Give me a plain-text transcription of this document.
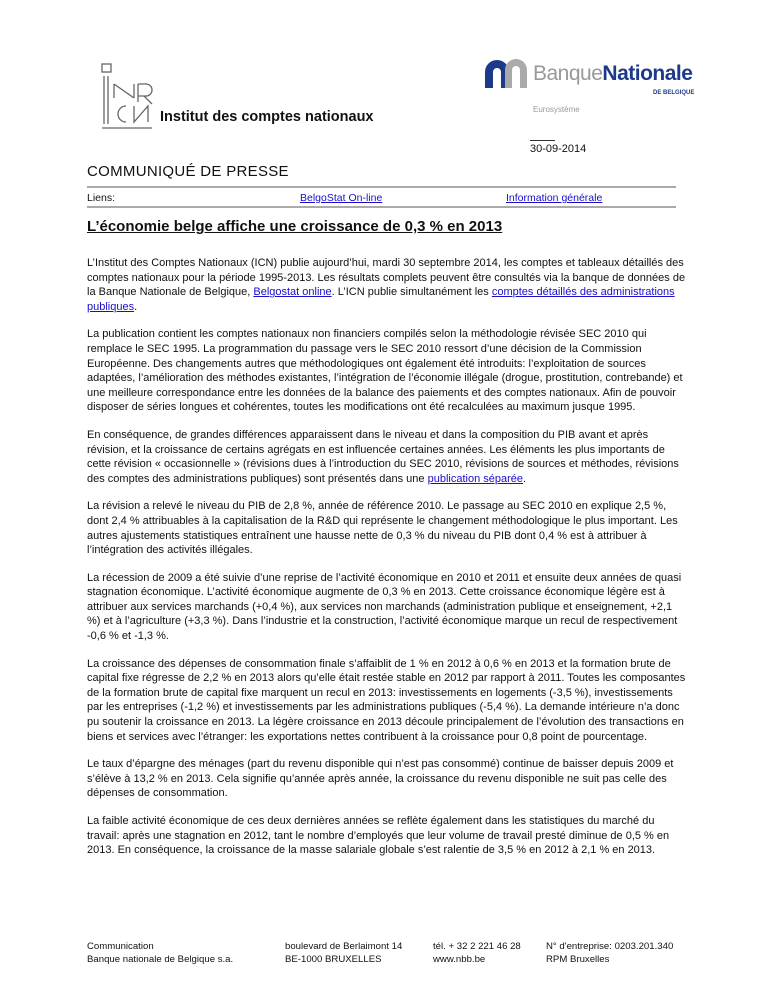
Institut des comptes nationaux
BanqueNationale
DE BELGIQUE
Eurosystème
30-09-2014
COMMUNIQUÉ DE PRESSE
Liens:	BelgoStat On-line	Information générale
L’économie belge affiche une croissance de 0,3 % en 2013

L’Institut des Comptes Nationaux (ICN) publie aujourd’hui, mardi 30 septembre 2014, les comptes et tableaux détaillés des comptes nationaux pour la période 1995-2013. Les résultats complets peuvent être consultés via la banque de données de la Banque Nationale de Belgique, Belgostat online. L’ICN publie simultanément les comptes détaillés des administrations publiques.

La publication contient les comptes nationaux non financiers compilés selon la méthodologie révisée SEC 2010 qui remplace le SEC 1995. La programmation du passage vers le SEC 2010 ressort d’une décision de la Commission Européenne. Des changements autres que méthodologiques ont également été introduits: l’exploitation de sources adaptées, l’amélioration des méthodes existantes, l’intégration de l’économie illégale (drogue, prostitution, contrebande) et une meilleure correspondance entre les données de la balance des paiements et des comptes nationaux. Afin de pouvoir disposer de séries longues et cohérentes, toutes les modifications ont été recalculées au maximum jusque 1995.

En conséquence, de grandes différences apparaissent dans le niveau et dans la composition du PIB avant et après révision, et la croissance de certains agrégats en est influencée certaines années. Les éléments les plus importants de cette révision « occasionnelle » (révisions dues à l’introduction du SEC 2010, révisions de sources et méthodes, révisions des comptes des administrations publiques) sont présentés dans une publication séparée.

La révision a relevé le niveau du PIB de 2,8 %, année de référence 2010. Le passage au SEC 2010 en explique 2,5 %, dont 2,4 % attribuables à la capitalisation de la R&D qui représente le changement méthodologique le plus important. Les autres ajustements statistiques entraînent une hausse nette de 0,3 % du niveau du PIB dont 0,4 % est à attribuer à l’intégration des activités illégales.

La récession de 2009 a été suivie d’une reprise de l’activité économique en 2010 et 2011 et ensuite deux années de quasi stagnation économique. L’activité économique augmente de 0,3 % en 2013. Cette croissance économique légère est à attribuer aux services marchands (+0,4 %), aux services non marchands (administration publique et enseignement, +2,1 %) et à l’agriculture (+3,3 %). Dans l’industrie et la construction, l’activité économique marque un recul de respectivement -0,6 % et -1,3 %.

La croissance des dépenses de consommation finale s’affaiblit de 1 % en 2012 à 0,6 % en 2013 et la formation brute de capital fixe régresse de 2,2 % en 2013 alors qu’elle était restée stable en 2012 par rapport à 2011. Toutes les composantes de la formation brute de capital fixe marquent un recul en 2013: investissements en logements (-3,5 %), investissements par les entreprises (-1,2 %) et investissements par les administrations publiques (-5,4 %). La demande intérieure n’a donc pu soutenir la croissance en 2013. La légère croissance en 2013 découle principalement de l’évolution des transactions en biens et services avec l’étranger: les exportations nettes contribuent à la croissance pour 0,8 point de pourcentage.

Le taux d’épargne des ménages (part du revenu disponible qui n’est pas consommé) continue de baisser depuis 2009 et s’élève à 13,2 % en 2013. Cela signifie qu’année après année, la croissance du revenu disponible ne suit pas celle des dépenses de consommation.

La faible activité économique de ces deux dernières années se reflète également dans les statistiques du marché du travail: après une stagnation en 2012, tant le nombre d’employés que leur volume de travail presté diminue de 0,5 % en 2013. En conséquence, la croissance de la masse salariale globale s’est ralentie de 3,5 % en 2012 à 2,1 % en 2013.

Communication
Banque nationale de Belgique s.a.
boulevard de Berlaimont 14
BE-1000 BRUXELLES
tél. + 32 2 221 46 28
www.nbb.be
N° d'entreprise: 0203.201.340
RPM Bruxelles
